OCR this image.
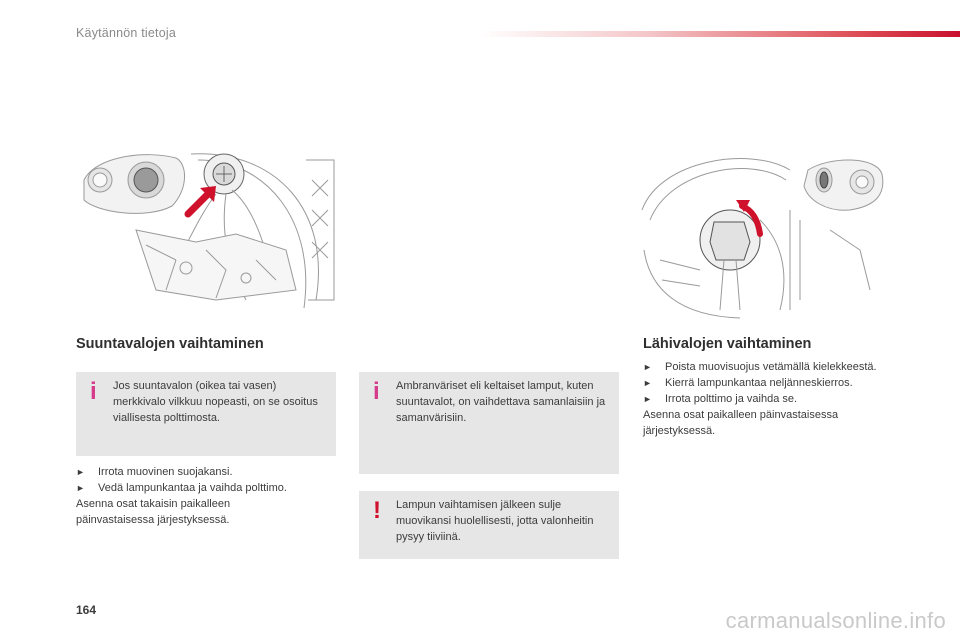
Käytännön tietoja
Suuntavalojen vaihtaminen	Lähivalojen vaihtaminen
i Jos suuntavalon (oikea tai vasen) merkkivalo vilkkuu nopeasti, on se osoitus viallisesta polttimosta.
i Ambranväriset eli keltaiset lamput, kuten suuntavalot, on vaihdettava samanlaisiin ja samanvärisiin.
! Lampun vaihtamisen jälkeen sulje muovikansi huolellisesti, jotta valonheitin pysyy tiiviinä.
►	Irrota muovinen suojakansi.
►	Vedä lampunkantaa ja vaihda polttimo.
Asenna osat takaisin paikalleen päinvastaisessa järjestyksessä.
►	Poista muovisuojus vetämällä kielekkeestä.
►	Kierrä lampunkantaa neljänneskierros.
►	Irrota polttimo ja vaihda se.
Asenna osat paikalleen päinvastaisessa järjestyksessä.
164	carmanualsonline.info
